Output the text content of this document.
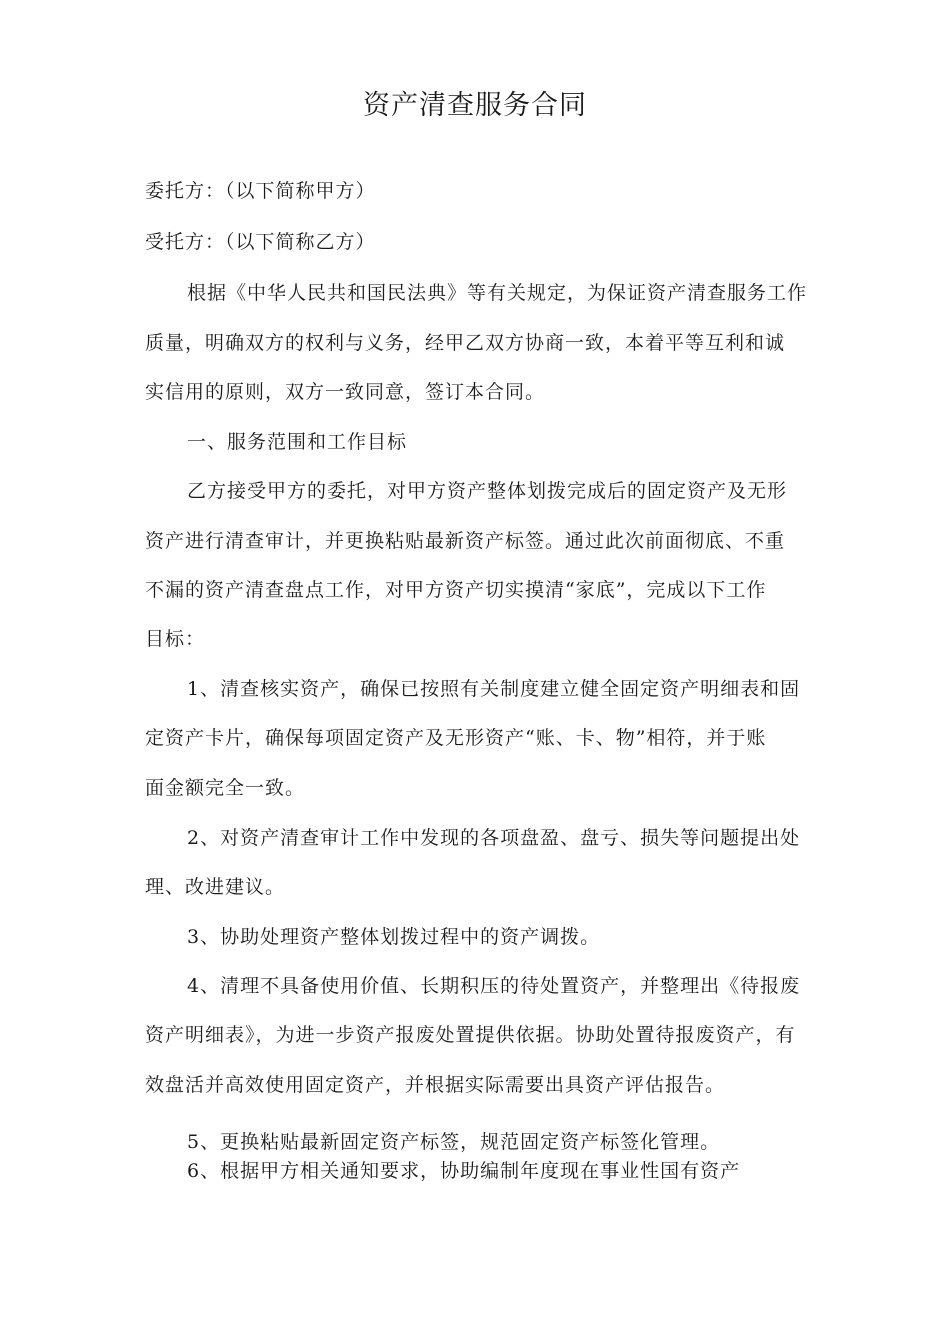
资产清查服务合同
委托方：（以下简称甲方）
受托方：（以下简称乙方）
根据《中华人民共和国民法典》等有关规定，为保证资产清查服务工作
质量，明确双方的权利与义务，经甲乙双方协商一致，本着平等互利和诚
实信用的原则，双方一致同意，签订本合同。
一、服务范围和工作目标
乙方接受甲方的委托，对甲方资产整体划拨完成后的固定资产及无形
资产进行清查审计，并更换粘贴最新资产标签。通过此次前面彻底、不重
不漏的资产清查盘点工作，对甲方资产切实摸清“家底”，完成以下工作
目标：
1、清查核实资产，确保已按照有关制度建立健全固定资产明细表和固
定资产卡片，确保每项固定资产及无形资产“账、卡、物”相符，并于账
面金额完全一致。
2、对资产清查审计工作中发现的各项盘盈、盘亏、损失等问题提出处
理、改进建议。
3、协助处理资产整体划拨过程中的资产调拨。
4、清理不具备使用价值、长期积压的待处置资产，并整理出《待报废
资产明细表》，为进一步资产报废处置提供依据。协助处置待报废资产，有
效盘活并高效使用固定资产，并根据实际需要出具资产评估报告。
5、更换粘贴最新固定资产标签，规范固定资产标签化管理。
6、根据甲方相关通知要求，协助编制年度现在事业性国有资产
